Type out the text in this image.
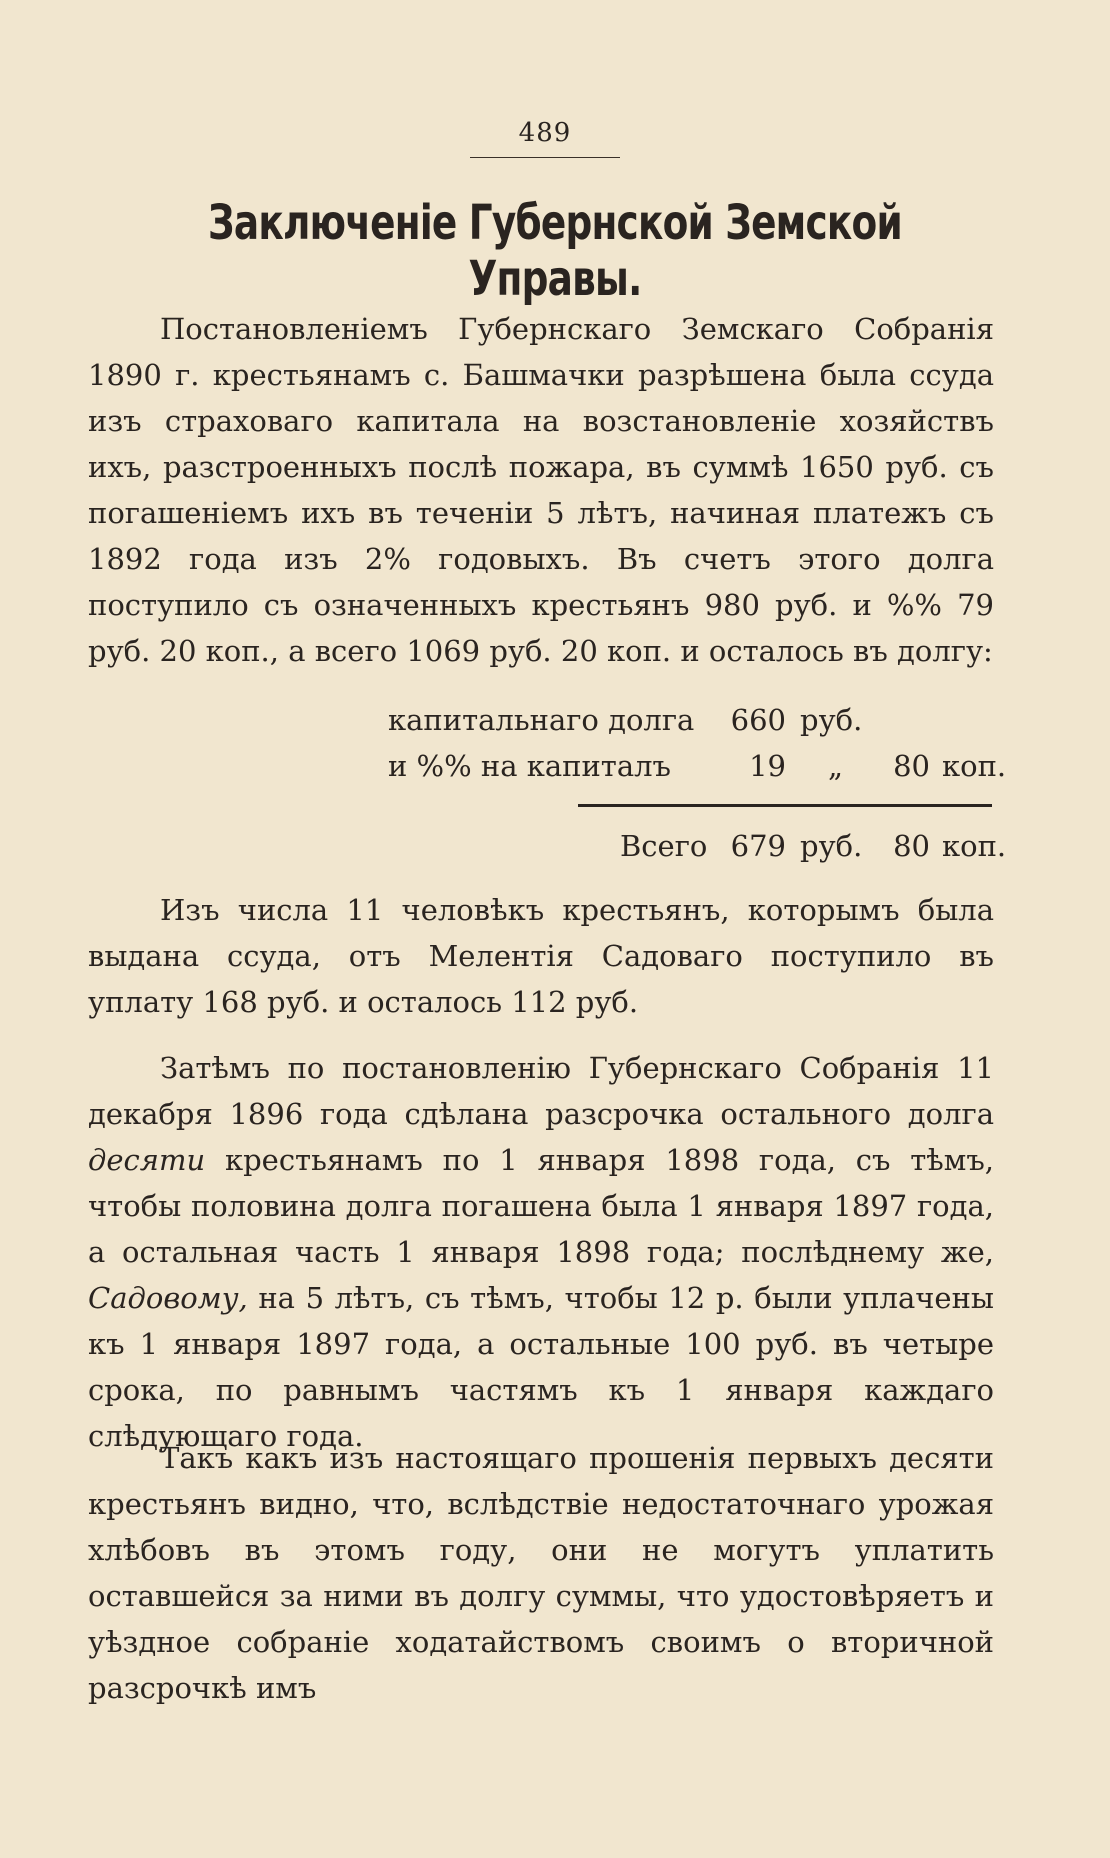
489
Заключеніе Губернской Земской Управы.

Постановленіемъ Губернскаго Земскаго Собранія 1890 г. крестьянамъ с. Башмачки разрѣшена была ссуда изъ страховаго капитала на возстановленіе хозяйствъ ихъ, разстроенныхъ послѣ пожара, въ суммѣ 1650 руб. съ погашеніемъ ихъ въ теченіи 5 лѣтъ, начиная платежъ съ 1892 года изъ 2% годовыхъ. Въ счетъ этого долга поступило съ означенныхъ крестьянъ 980 руб. и %% 79 руб. 20 коп., а всего 1069 руб. 20 коп. и осталось въ долгу:

капитальнаго долга	660 руб.
и %% на капиталъ	19 „	80 коп.
Всего 679 руб.	80 коп.

Изъ числа 11 человѣкъ крестьянъ, которымъ была выдана ссуда, отъ Мелентія Садоваго поступило въ уплату 168 руб. и осталось 112 руб.

Затѣмъ по постановленію Губернскаго Собранія 11 декабря 1896 года сдѣлана разсрочка остального долга десяти крестьянамъ по 1 января 1898 года, съ тѣмъ, чтобы половина долга погашена была 1 января 1897 года, а остальная часть 1 января 1898 года; послѣднему же, Садовому, на 5 лѣтъ, съ тѣмъ, чтобы 12 р. были уплачены къ 1 января 1897 года, а остальные 100 руб. въ четыре срока, по равнымъ частямъ къ 1 января каждаго слѣдующаго года.

Такъ какъ изъ настоящаго прошенія первыхъ десяти крестьянъ видно, что, вслѣдствіе недостаточнаго урожая хлѣбовъ въ этомъ году, они не могутъ уплатить оставшейся за ними въ долгу суммы, что удостовѣряетъ и уѣздное собраніе ходатайствомъ своимъ о вторичной разсрочкѣ имъ
